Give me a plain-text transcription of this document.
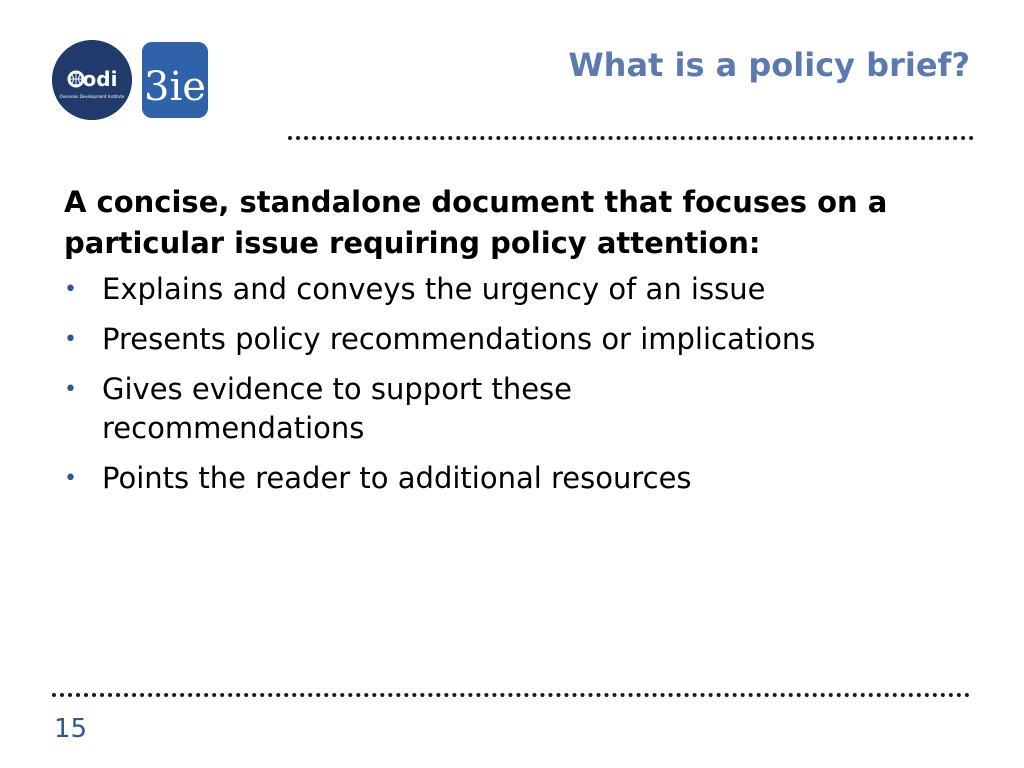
odi
Overseas Development Institute 3ie	What is a policy brief?

A concise, standalone document that focuses on a particular issue requiring policy attention:

• Explains and conveys the urgency of an issue
• Presents policy recommendations or implications
• Gives evidence to support these recommendations
• Points the reader to additional resources
15
